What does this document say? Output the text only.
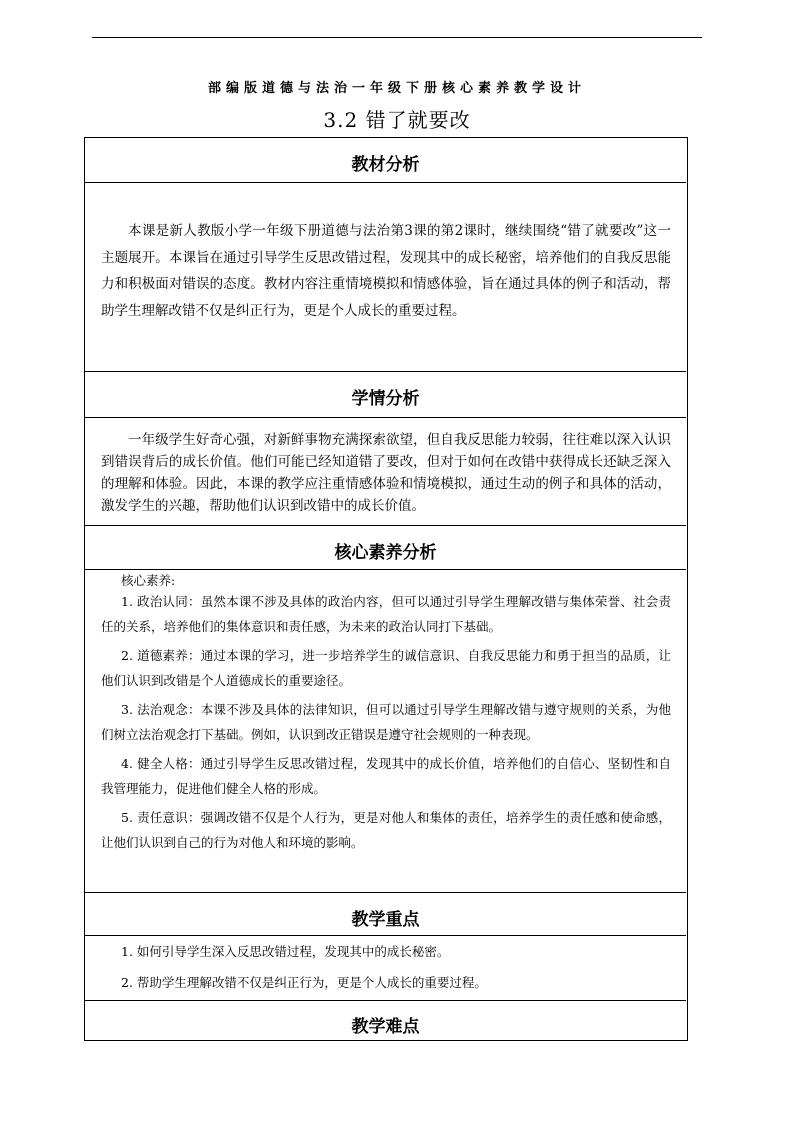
部编版道德与法治一年级下册核心素养教学设计
3.2 错了就要改
教材分析
本课是新人教版小学一年级下册道德与法治第3课的第2课时，继续围绕“错了就要改”这一主题展开。本课旨在通过引导学生反思改错过程，发现其中的成长秘密，培养他们的自我反思能力和积极面对错误的态度。教材内容注重情境模拟和情感体验，旨在通过具体的例子和活动，帮助学生理解改错不仅是纠正行为，更是个人成长的重要过程。
学情分析
一年级学生好奇心强，对新鲜事物充满探索欲望，但自我反思能力较弱，往往难以深入认识到错误背后的成长价值。他们可能已经知道错了要改，但对于如何在改错中获得成长还缺乏深入的理解和体验。因此，本课的教学应注重情感体验和情境模拟，通过生动的例子和具体的活动，激发学生的兴趣，帮助他们认识到改错中的成长价值。
核心素养分析
核心素养:
1. 政治认同：虽然本课不涉及具体的政治内容，但可以通过引导学生理解改错与集体荣誉、社会责任的关系，培养他们的集体意识和责任感，为未来的政治认同打下基础。
2. 道德素养：通过本课的学习，进一步培养学生的诚信意识、自我反思能力和勇于担当的品质，让他们认识到改错是个人道德成长的重要途径。
3. 法治观念：本课不涉及具体的法律知识，但可以通过引导学生理解改错与遵守规则的关系，为他们树立法治观念打下基础。例如，认识到改正错误是遵守社会规则的一种表现。
4. 健全人格：通过引导学生反思改错过程，发现其中的成长价值，培养他们的自信心、坚韧性和自我管理能力，促进他们健全人格的形成。
5. 责任意识：强调改错不仅是个人行为，更是对他人和集体的责任，培养学生的责任感和使命感，让他们认识到自己的行为对他人和环境的影响。
教学重点
1. 如何引导学生深入反思改错过程，发现其中的成长秘密。
2. 帮助学生理解改错不仅是纠正行为，更是个人成长的重要过程。
教学难点
